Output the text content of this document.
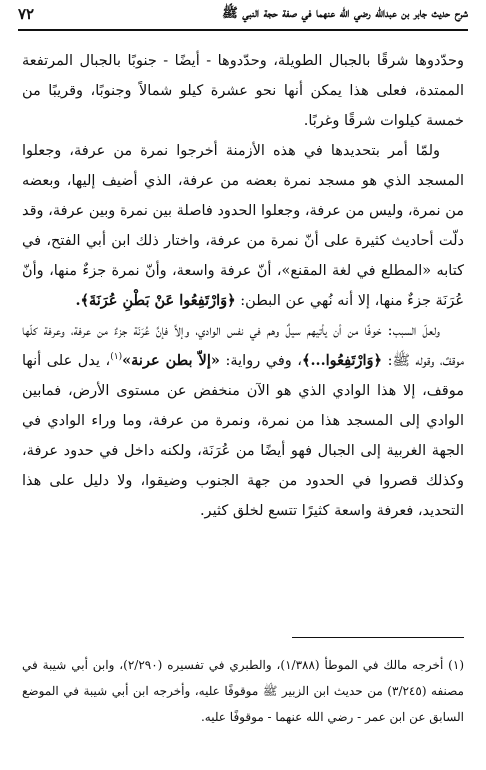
شرح حديث جابر بن عبدالله رضي الله عنهما في صفة حجة النبي ﷺ
٧٢

وحدّدوها شرقًا بالجبال الطويلة، وحدّدوها - أيضًا - جنوبًا بالجبال المرتفعة الممتدة، فعلى هذا يمكن أنها نحو عشرة كيلو شمالاً وجنوبًا، وقريبًا من خمسة كيلوات شرقًا وغربًا.

ولمّا أمر بتحديدها في هذه الأزمنة أخرجوا نمرة من عرفة، وجعلوا المسجد الذي هو مسجد نمرة بعضه من عرفة، الذي أضيف إليها، وبعضه من نمرة، وليس من عرفة، وجعلوا الحدود فاصلة بين نمرة وبين عرفة، وقد دلّت أحاديث كثيرة على أنّ نمرة من عرفة، واختار ذلك ابن أبي الفتح، في كتابه «المطلع في لغة المقنع»، أنّ عرفة واسعة، وأنّ نمرة جزءٌ منها، وأنّ عُرَنَة جزءٌ منها، إلا أنه نُهي عن البطن: ﴿وَارْتَفِعُوا عَنْ بَطْنِ عُرَنَةَ﴾.

ولعلّ السبب: خوفًا من أن يأتيهم سيلٌ وهم في نفس الوادي، وإلاَّ فإنَّ عُرَنَة جزءٌ من عرفة، وعرفة كلّها موقفٌ، وقوله ﷺ: ﴿وَارْتَفِعُوا...﴾، وفي رواية: «إلاّ بطن عرنة»$^{(١)}$، يدل على أنها موقف، إلا هذا الوادي الذي هو الآن منخفض عن مستوى الأرض، فمابين الوادي إلى المسجد هذا من نمرة، ونمرة من عرفة، وما وراء الوادي في الجهة الغربية إلى الجبال فهو أيضًا من عُرَنَة، ولكنه داخل في حدود عرفة، وكذلك قصروا في الحدود من جهة الجنوب وضيقوا، ولا دليل على هذا التحديد، فعرفة واسعة كثيرًا تتسع لخلق كثير.

(١) أخرجه مالك في الموطأ (١/٣٨٨)، والطبري في تفسيره (٢/٢٩٠)، وابن أبي شيبة في مصنفه (٣/٢٤٥) من حديث ابن الزبير ﷺ موقوفًا عليه، وأخرجه ابن أبي شيبة في الموضع السابق عن ابن عمر - رضي الله عنهما - موقوفًا عليه.
